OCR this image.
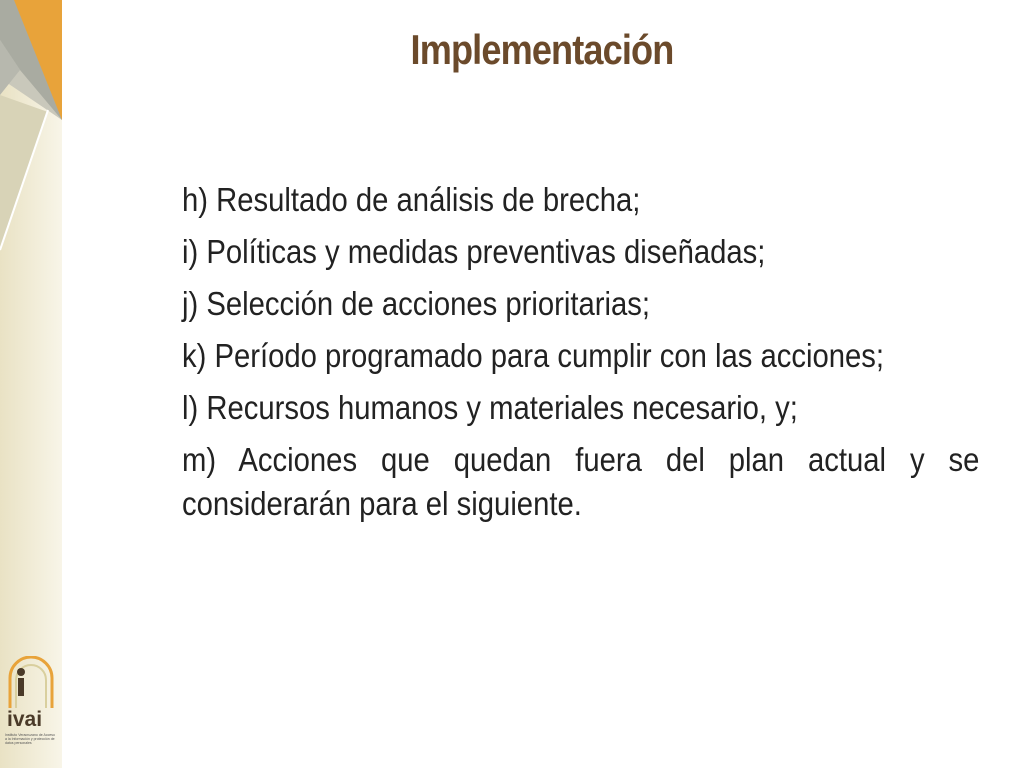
Implementación
h) Resultado de análisis de brecha;
i) Políticas y medidas preventivas diseñadas;
j) Selección de acciones prioritarias;
k) Período programado para cumplir con las acciones;
l) Recursos humanos y materiales necesario, y;
m) Acciones que quedan fuera del plan actual y se considerarán para el siguiente.
ivai
Instituto Veracruzano de Acceso a la Información y protección de datos personales
